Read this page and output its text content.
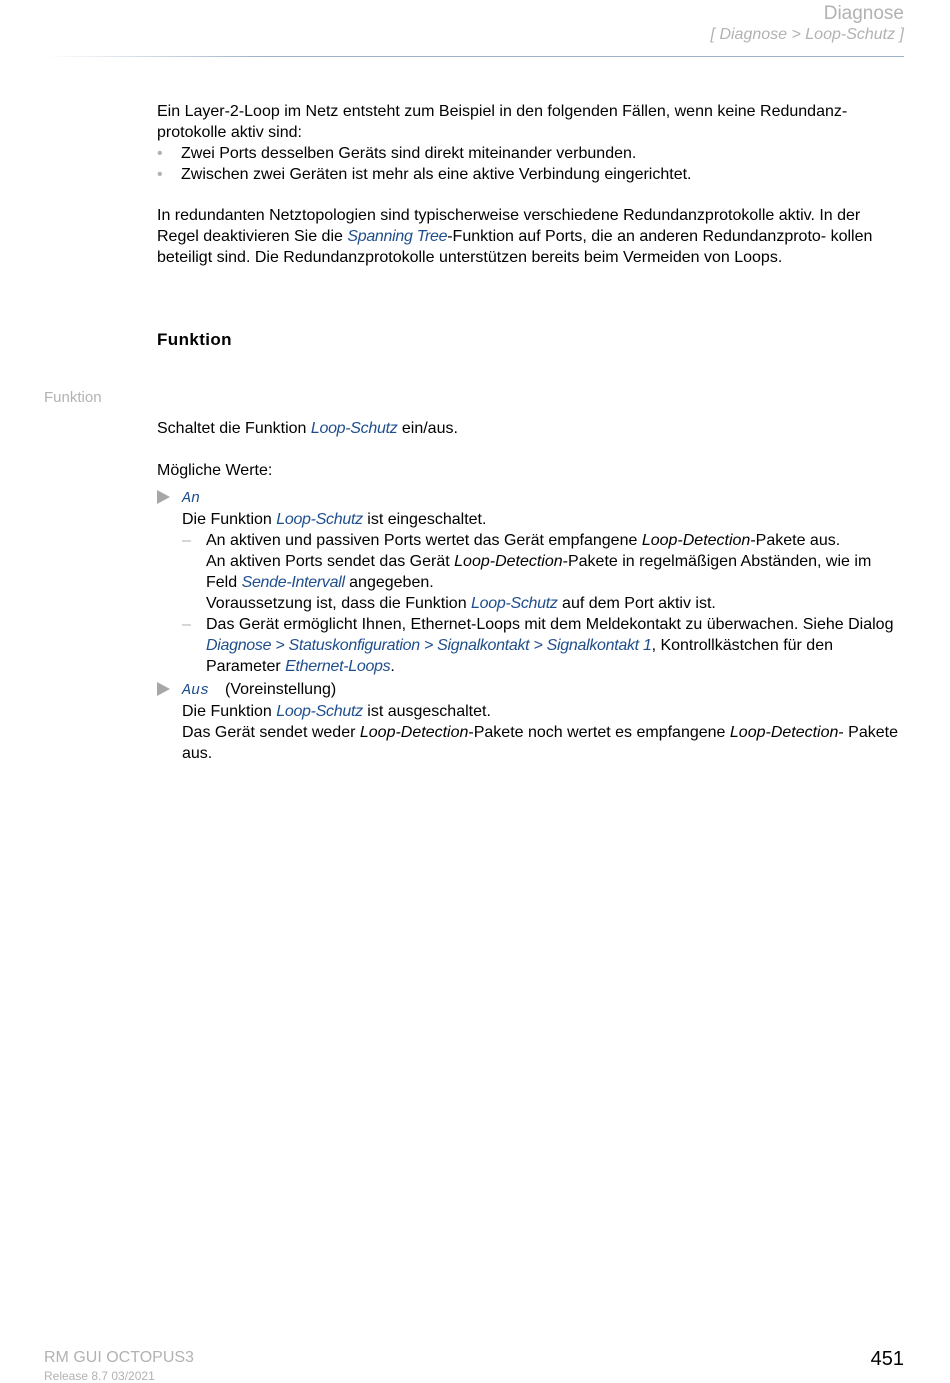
Diagnose
[ Diagnose > Loop-Schutz ]

Ein Layer-2-Loop im Netz entsteht zum Beispiel in den folgenden Fällen, wenn keine Redundanz- protokolle aktiv sind:

• Zwei Ports desselben Geräts sind direkt miteinander verbunden.
• Zwischen zwei Geräten ist mehr als eine aktive Verbindung eingerichtet.

In redundanten Netztopologien sind typischerweise verschiedene Redundanzprotokolle aktiv. In der Regel deaktivieren Sie die Spanning Tree-Funktion auf Ports, die an anderen Redundanzproto- kollen beteiligt sind. Die Redundanzprotokolle unterstützen bereits beim Vermeiden von Loops.

Funktion
Funktion

Schaltet die Funktion Loop-Schutz ein/aus.

Mögliche Werte:
An
Die Funktion Loop-Schutz ist eingeschaltet.
– An aktiven und passiven Ports wertet das Gerät empfangene Loop-Detection-Pakete aus.
An aktiven Ports sendet das Gerät Loop-Detection-Pakete in regelmäßigen Abständen, wie im Feld Sende-Intervall angegeben.
Voraussetzung ist, dass die Funktion Loop-Schutz auf dem Port aktiv ist.
– Das Gerät ermöglicht Ihnen, Ethernet-Loops mit dem Meldekontakt zu überwachen. Siehe Dialog Diagnose > Statuskonfiguration > Signalkontakt > Signalkontakt 1, Kontrollkästchen für den Parameter Ethernet-Loops.
Aus (Voreinstellung)
Die Funktion Loop-Schutz ist ausgeschaltet.
Das Gerät sendet weder Loop-Detection-Pakete noch wertet es empfangene Loop-Detection- Pakete aus.
RM GUI OCTOPUS3
Release 8.7 03/2021
451
